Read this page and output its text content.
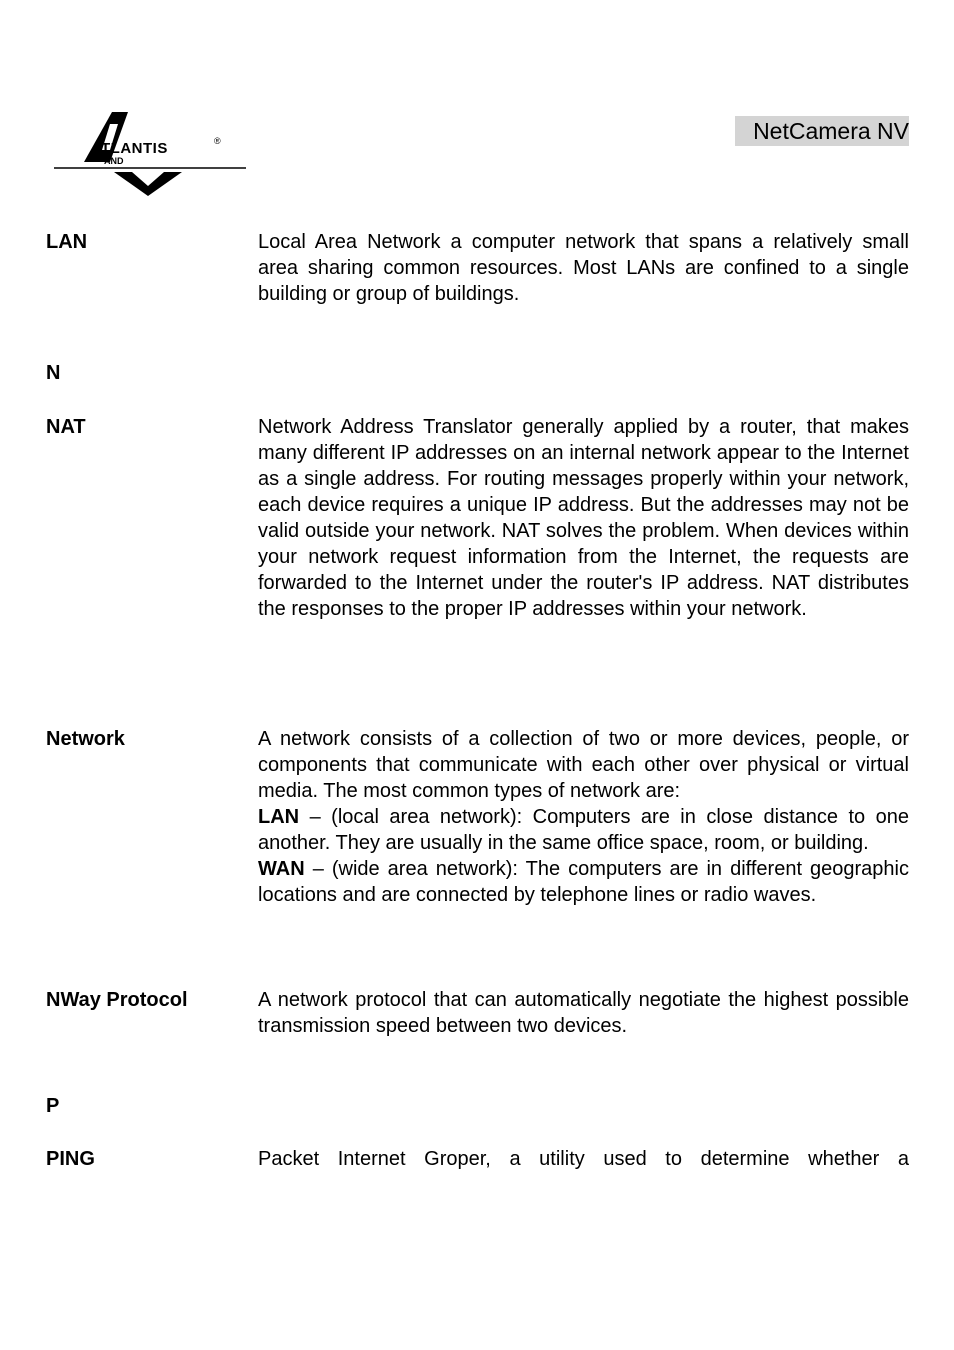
TLANTIS
AND
®	NetCamera NV
LAN	Local Area Network a computer network that spans a relatively small area sharing common resources. Most LANs are confined to a single building or group of buildings.

N
NAT	Network Address Translator generally applied by a router, that makes many different IP addresses on an internal network appear to the Internet as a single address. For routing messages properly within your network, each device requires a unique IP address. But the addresses may not be valid outside your network. NAT solves the problem. When devices within your network request information from the Internet, the requests are forwarded to the Internet under the router's IP address. NAT distributes the responses to the proper IP addresses within your network.

Network	A network consists of a collection of two or more devices, people, or components that communicate with each other over physical or virtual media. The most common types of network are:

LAN – (local area network): Computers are in close distance to one another. They are usually in the same office space, room, or building.

WAN – (wide area network): The computers are in different geographic locations and are connected by telephone lines or radio waves.

NWay Protocol	A network protocol that can automatically negotiate the highest possible transmission speed between two devices.

P
PING	Packet Internet Groper, a utility used to determine whether a
